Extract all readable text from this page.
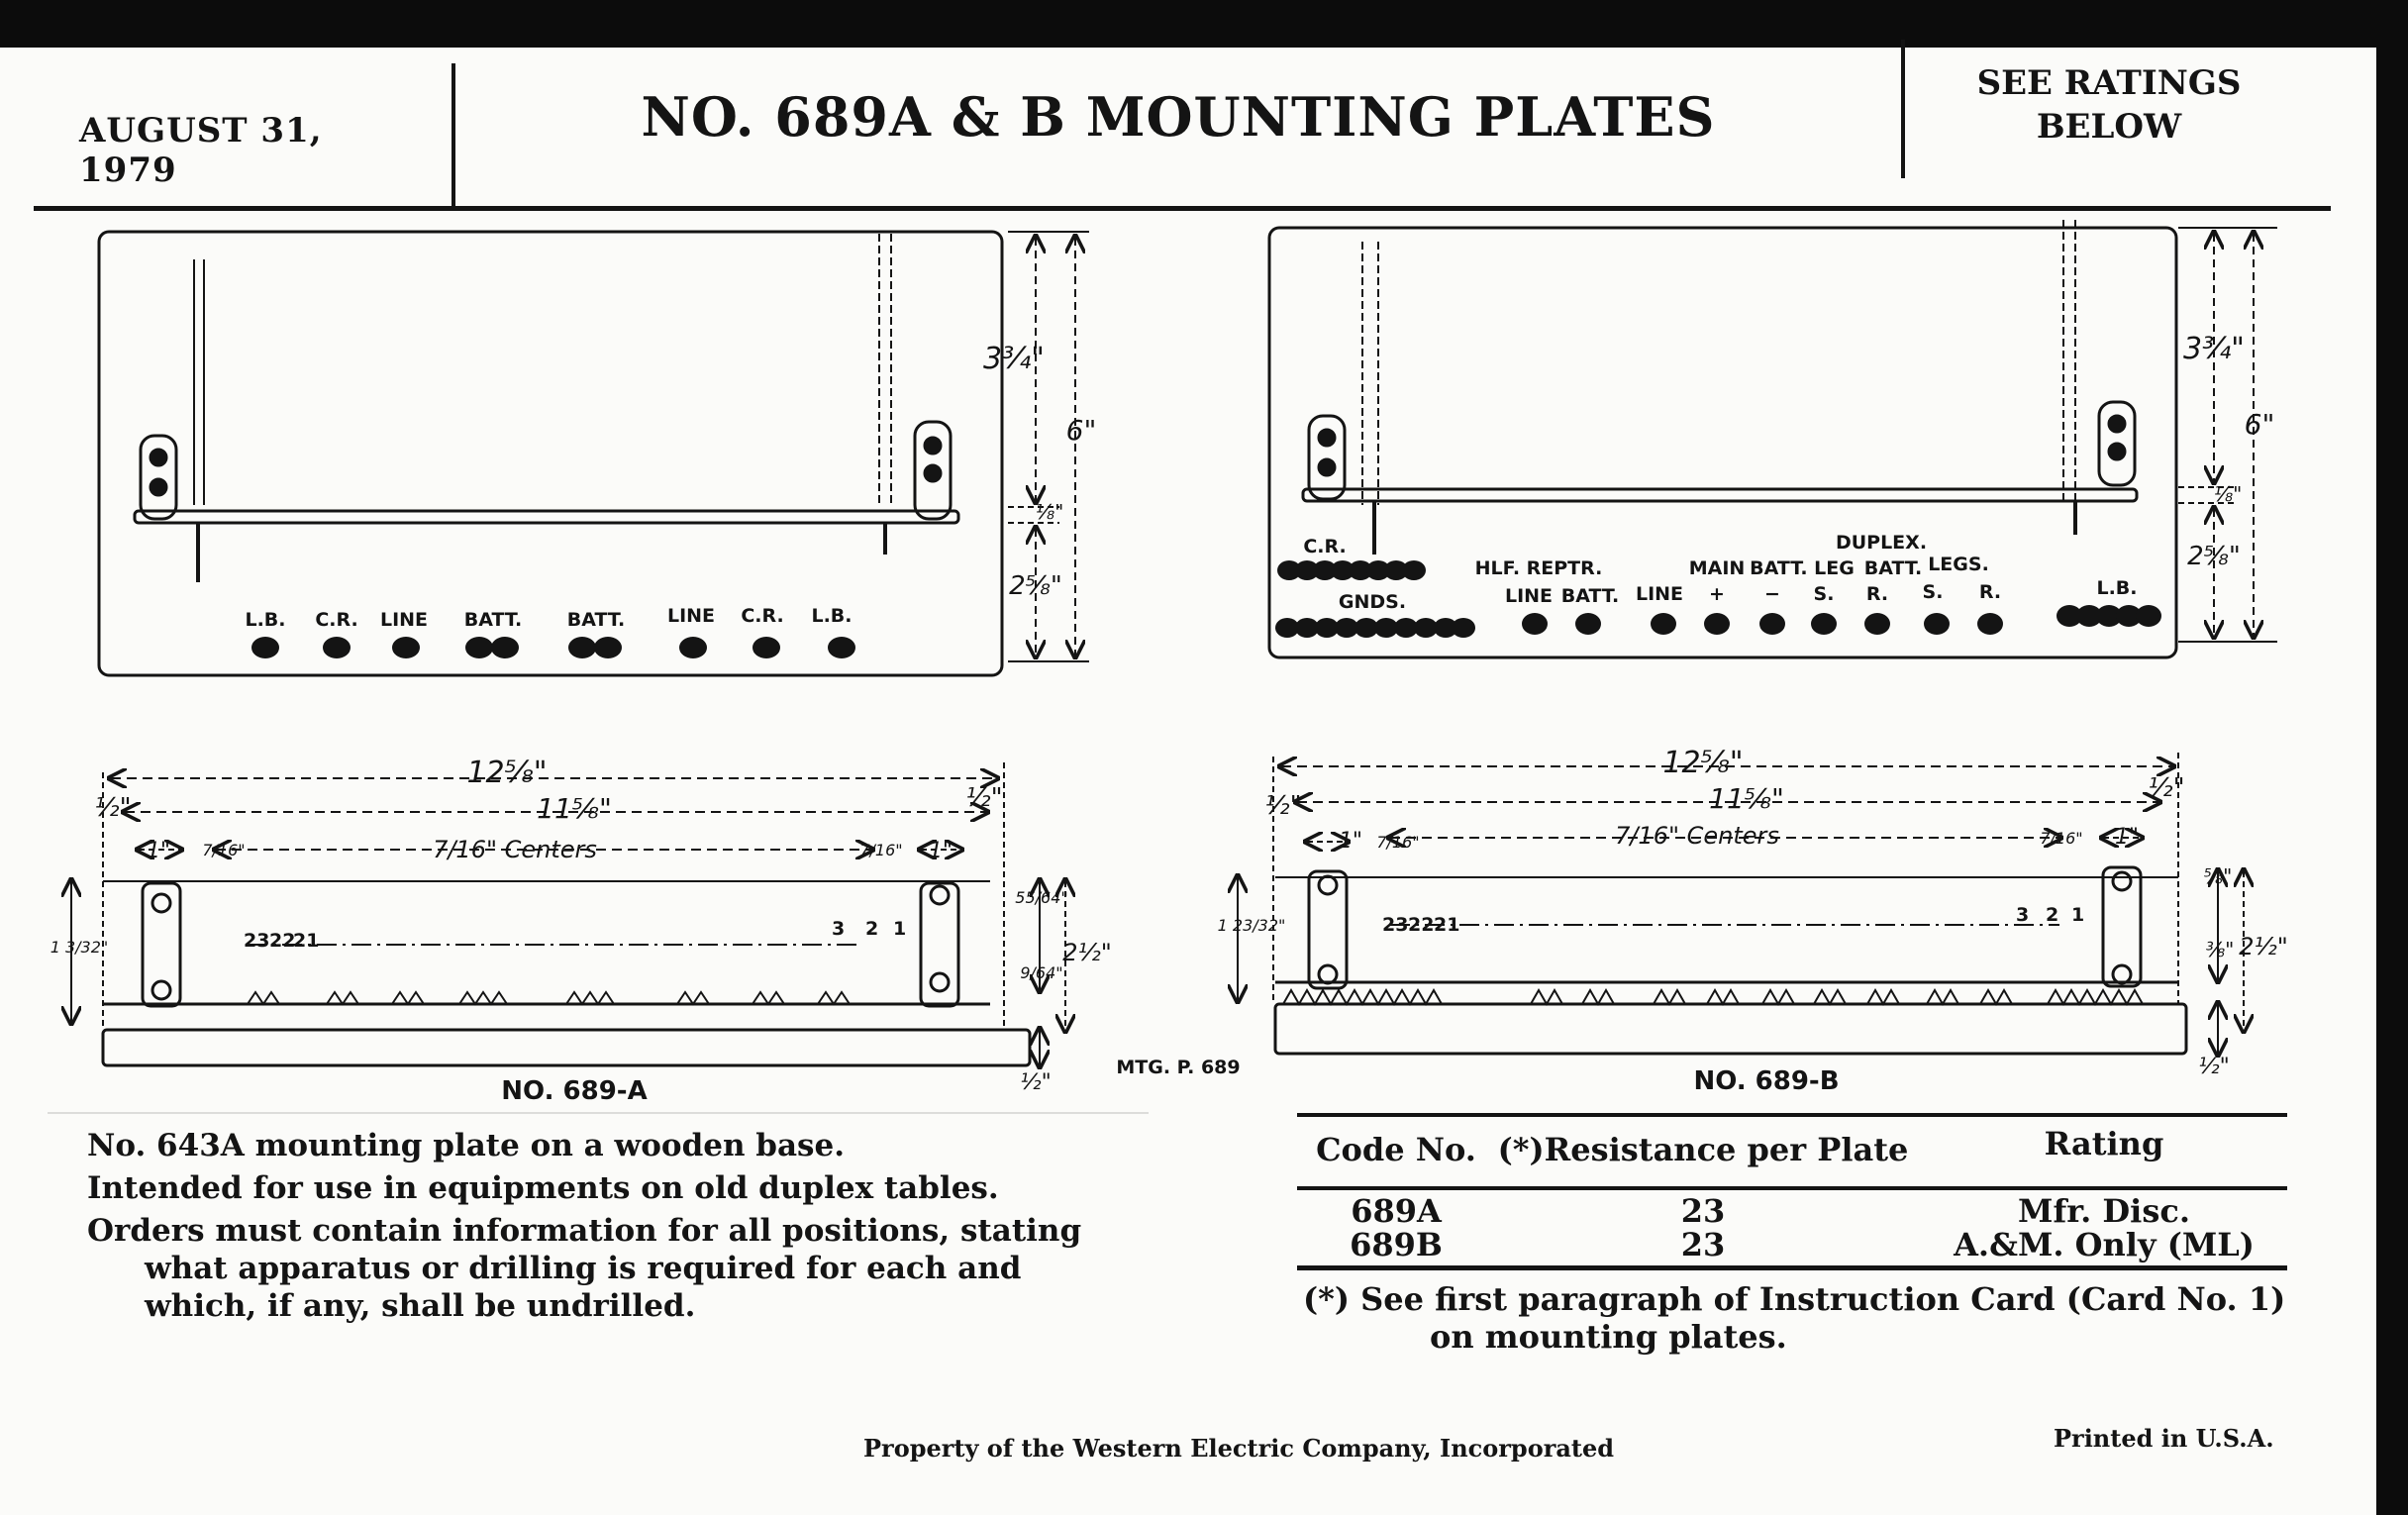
AUGUST 31, 1979
NO. 689A & B MOUNTING PLATES
SEE RATINGS
BELOW
L.B. C.R. LINE BATT. BATT. LINE C.R. L.B.
3¾"
6"
⅛"
2⅝"
C.R.
GNDS.
HLF. REPTR.
LINE BATT. LINE
MAIN
+ −
DUPLEX.
BATT. LEG
S. R.
BATT. LEGS.
S. R.	L.B.
3¾"
6"
⅛"
2⅝"
12⅝"
11⅝"
½"	½"
1" 7/16"	7/16" Centers	7/16" 1"
1 3/32"
55/64"
9/64"
2½"
½"
23 22
21
3 2 1
NO. 689-A
12⅝"
11⅝"
½"
½"
1" 7/16"	7/16" Centers	7/16" 1"
1 23/32"
⅝"
⅜" 2½"
½"
23 22 21	3 2 1
NO. 689-B
MTG. P. 689
No. 643A mounting plate on a wooden base.
Intended for use in equipments on old duplex tables.
Orders must contain information for all positions, stating
what apparatus or drilling is required for each and
which, if any, shall be undrilled.
Code No. (*)Resistance per Plate	Rating
689A	23	Mfr. Disc.
689B	23	A.&M. Only (ML)
(*) See first paragraph of Instruction Card (Card No. 1)
on mounting plates.
Property of the Western Electric Company, Incorporated	Printed in U.S.A.
